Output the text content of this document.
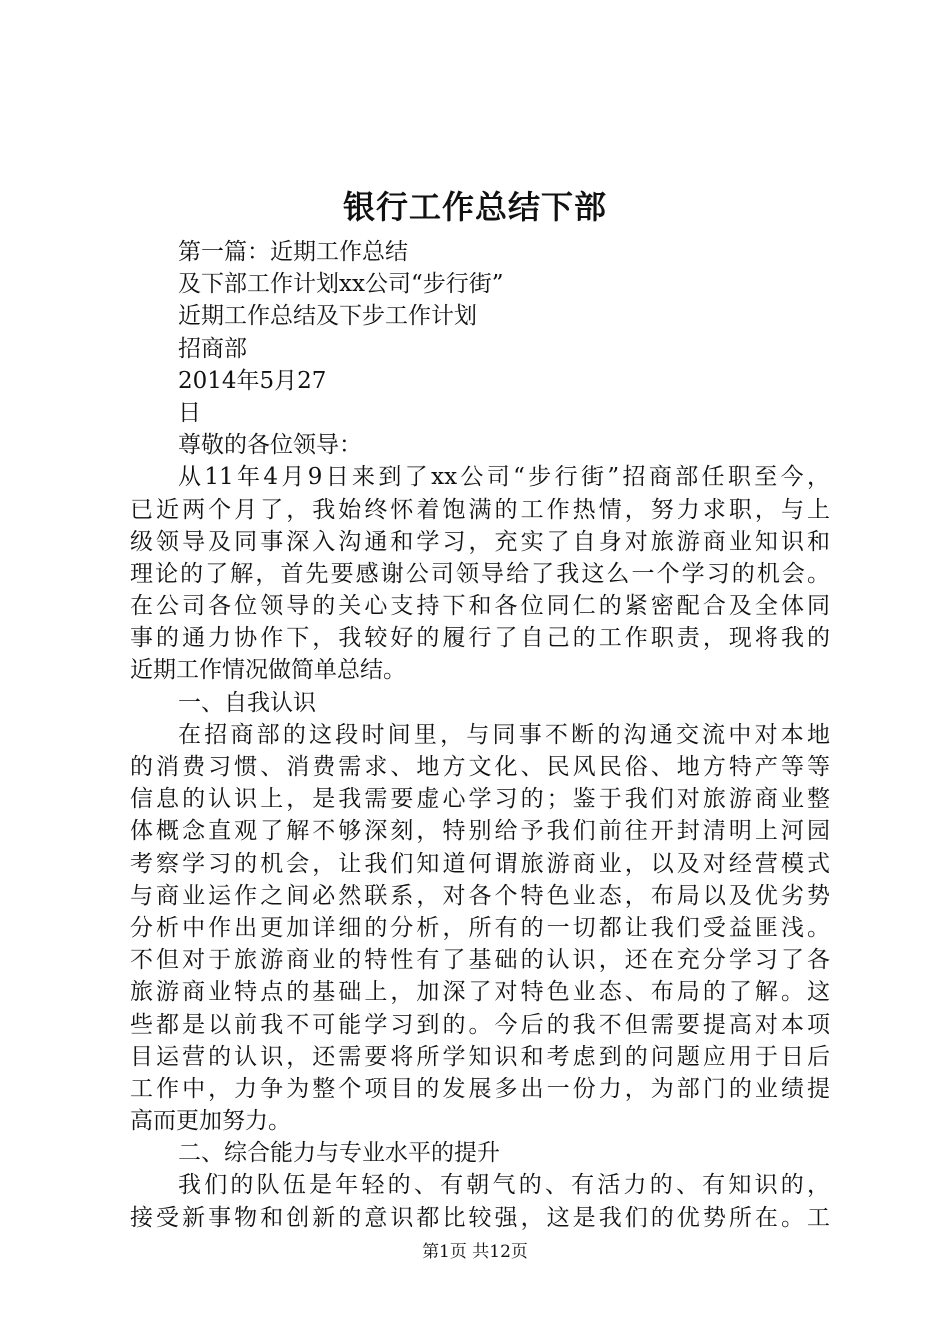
银行工作总结下部
第一篇：近期工作总结
及下部工作计划xx公司“步行街”
近期工作总结及下步工作计划
招商部
2014年5月27
日
尊敬的各位领导：
从11年4月9日来到了xx公司“步行街”招商部任职至今，
已近两个月了，我始终怀着饱满的工作热情，努力求职，与上
级领导及同事深入沟通和学习，充实了自身对旅游商业知识和
理论的了解，首先要感谢公司领导给了我这么一个学习的机会。
在公司各位领导的关心支持下和各位同仁的紧密配合及全体同
事的通力协作下，我较好的履行了自己的工作职责，现将我的
近期工作情况做简单总结。
一、自我认识
在招商部的这段时间里，与同事不断的沟通交流中对本地
的消费习惯、消费需求、地方文化、民风民俗、地方特产等等
信息的认识上，是我需要虚心学习的；鉴于我们对旅游商业整
体概念直观了解不够深刻，特别给予我们前往开封清明上河园
考察学习的机会，让我们知道何谓旅游商业，以及对经营模式
与商业运作之间必然联系，对各个特色业态，布局以及优劣势
分析中作出更加详细的分析，所有的一切都让我们受益匪浅。
不但对于旅游商业的特性有了基础的认识，还在充分学习了各
旅游商业特点的基础上，加深了对特色业态、布局的了解。这
些都是以前我不可能学习到的。今后的我不但需要提高对本项
目运营的认识，还需要将所学知识和考虑到的问题应用于日后
工作中，力争为整个项目的发展多出一份力，为部门的业绩提
高而更加努力。
二、综合能力与专业水平的提升
我们的队伍是年轻的、有朝气的、有活力的、有知识的，
接受新事物和创新的意识都比较强，这是我们的优势所在。工
第1页 共12页
